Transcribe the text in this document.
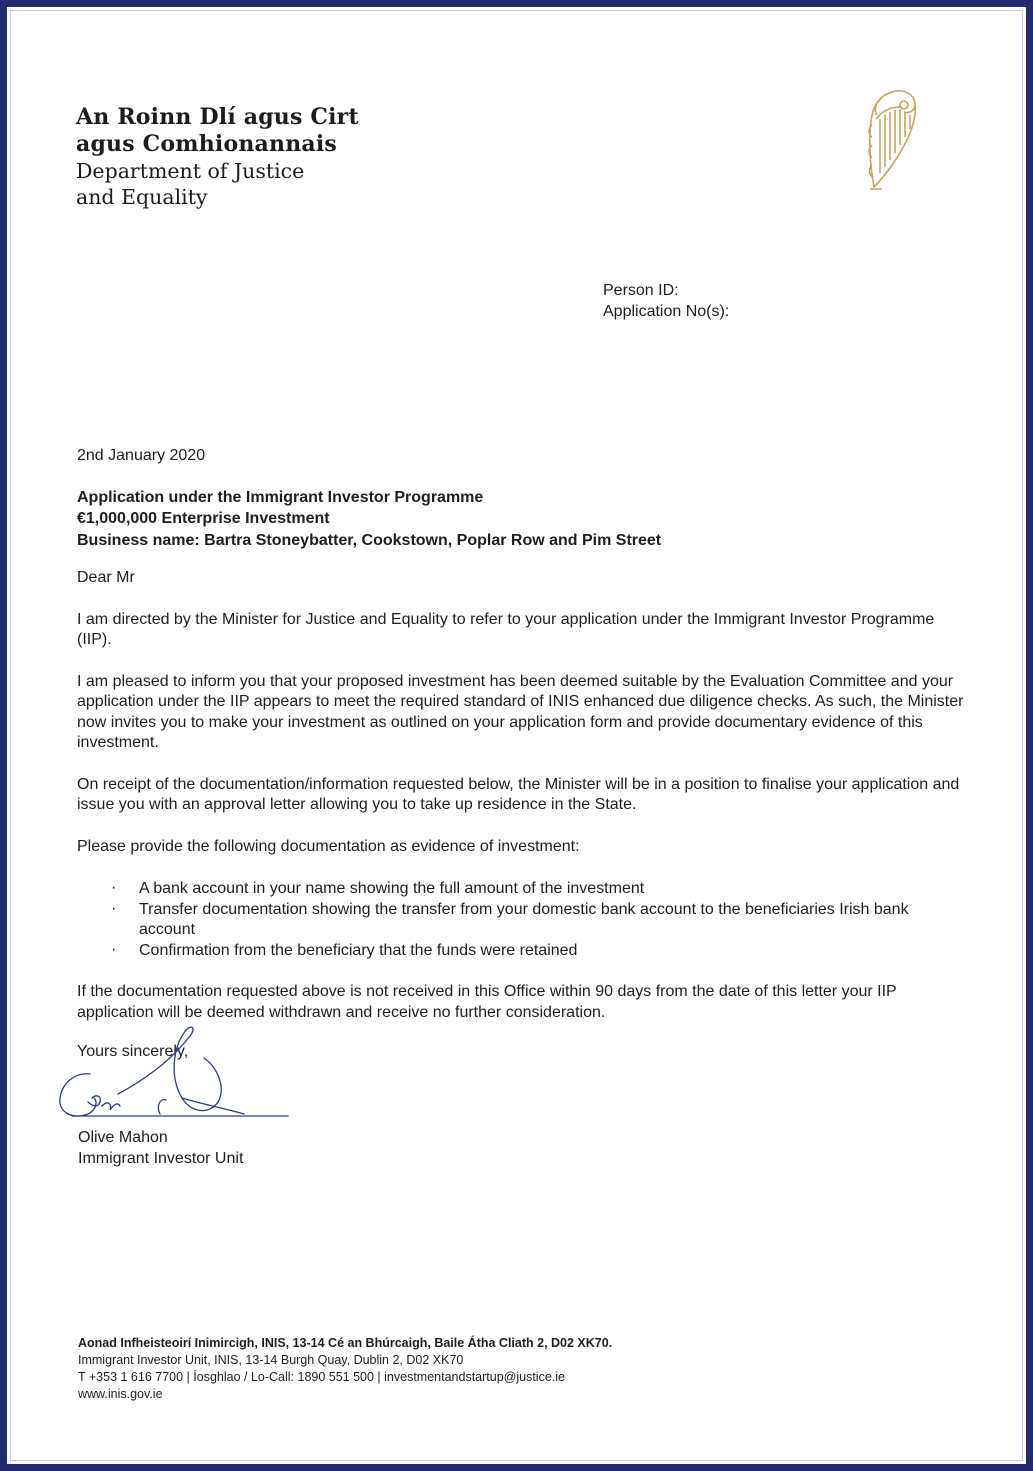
An Roinn Dlí agus Cirt
agus Comhionannais
Department of Justice
and Equality
Person ID:
Application No(s):

2nd January 2020

Application under the Immigrant Investor Programme
€1,000,000 Enterprise Investment
Business name: Bartra Stoneybatter, Cookstown, Poplar Row and Pim Street

Dear Mr

I am directed by the Minister for Justice and Equality to refer to your application under the Immigrant Investor Programme (IIP).

I am pleased to inform you that your proposed investment has been deemed suitable by the Evaluation Committee and your application under the IIP appears to meet the required standard of INIS enhanced due diligence checks. As such, the Minister now invites you to make your investment as outlined on your application form and provide documentary evidence of this investment.

On receipt of the documentation/information requested below, the Minister will be in a position to finalise your application and issue you with an approval letter allowing you to take up residence in the State.

Please provide the following documentation as evidence of investment:

· A bank account in your name showing the full amount of the investment
· Transfer documentation showing the transfer from your domestic bank account to the beneficiaries Irish bank account
· Confirmation from the beneficiary that the funds were retained

If the documentation requested above is not received in this Office within 90 days from the date of this letter your IIP application will be deemed withdrawn and receive no further consideration.

Yours sincerely,

Olive Mahon
Immigrant Investor Unit
Aonad Infheisteoirí Inimircigh, INIS, 13-14 Cé an Bhúrcaigh, Baile Átha Cliath 2, D02 XK70.
Immigrant Investor Unit, INIS, 13-14 Burgh Quay, Dublin 2, D02 XK70
T +353 1 616 7700 | Íosghlao / Lo-Call: 1890 551 500 | investmentandstartup@justice.ie
www.inis.gov.ie
